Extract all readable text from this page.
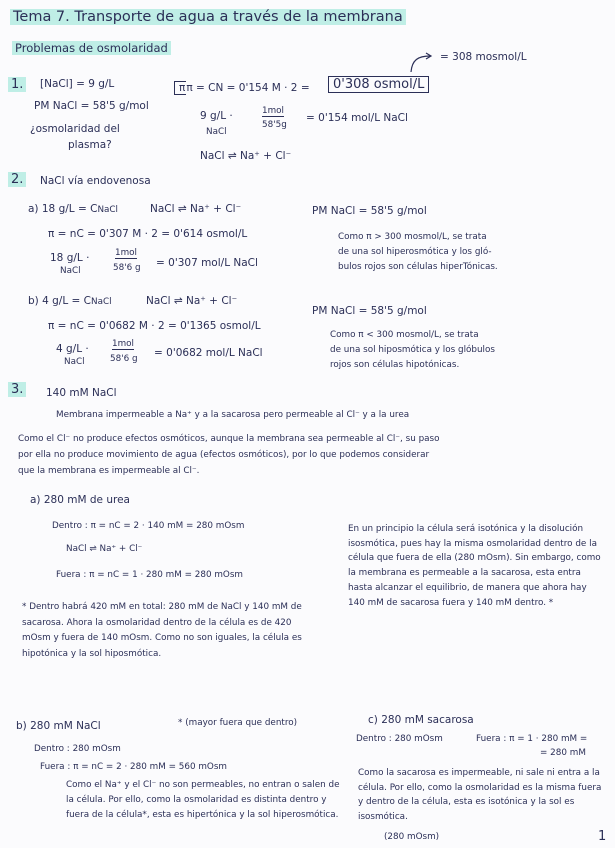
Tema 7. Transporte de agua a través de la membrana
Problemas de osmolaridad
= 308 mosmol/L
1. [NaCl] = 9 g/L
PM NaCl = 58'5 g/mol
¿osmolaridad del
plasma?
ππ = CN = 0'154 M · 2 =	0'308 osmol/L
9 g/L ·	1mol
58'5g
= 0'154 mol/L NaCl
NaCl
NaCl ⇌ Na⁺ + Cl⁻
2. NaCl vía endovenosa
a) 18 g/L = CNaCl	NaCl ⇌ Na⁺ + Cl⁻	PM NaCl = 58'5 g/mol
π = nC = 0'307 M · 2 = 0'614 osmol/L
18 g/L ·	1mol
58'6 g = 0'307 mol/L NaCl
NaCl
Como π > 300 mosmol/L, se trata
de una sol hiperosmótica y los gló-
bulos rojos son células hiperTónicas.
b) 4 g/L = CNaCl	NaCl ⇌ Na⁺ + Cl⁻
PM NaCl = 58'5 g/mol
π = nC = 0'0682 M · 2 = 0'1365 osmol/L
4 g/L ·	1mol
58'6 g = 0'0682 mol/L NaCl
NaCl
Como π < 300 mosmol/L, se trata
de una sol hiposmótica y los glóbulos
rojos son células hipotónicas.
3. 140 mM NaCl
Membrana impermeable a Na⁺ y a la sacarosa pero permeable al Cl⁻ y a la urea
Como el Cl⁻ no produce efectos osmóticos, aunque la membrana sea permeable al Cl⁻, su paso
por ella no produce movimiento de agua (efectos osmóticos), por lo que podemos considerar
que la membrana es impermeable al Cl⁻.
a) 280 mM de urea
Dentro : π = nC = 2 · 140 mM = 280 mOsm
NaCl ⇌ Na⁺ + Cl⁻
Fuera : π = nC = 1 · 280 mM = 280 mOsm
En un principio la célula será isotónica y la disolución isosmótica, pues hay la misma osmolaridad dentro de la célula que fuera de ella (280 mOsm). Sin embargo, como la membrana es permeable a la sacarosa, esta entra hasta alcanzar el equilibrio, de manera que ahora hay 140 mM de sacarosa fuera y 140 mM dentro. *
* Dentro habrá 420 mM en total: 280 mM de NaCl y 140 mM de sacarosa. Ahora la osmolaridad dentro de la célula es de 420 mOsm y fuera de 140 mOsm. Como no son iguales, la célula es hipotónica y la sol hiposmótica.
b) 280 mM NaCl	* (mayor fuera que dentro)
Dentro : 280 mOsm
Fuera : π = nC = 2 · 280 mM = 560 mOsm
Como el Na⁺ y el Cl⁻ no son permeables, no entran o salen de la célula. Por ello, como la osmolaridad es distinta dentro y fuera de la célula*, esta es hipertónica y la sol hiperosmótica.
c) 280 mM sacarosa
Dentro : 280 mOsm	Fuera : π = 1 · 280 mM =
= 280 mM
Como la sacarosa es impermeable, ni sale ni entra a la célula. Por ello, como la osmolaridad es la misma fuera y dentro de la célula, esta es isotónica y la sol es isosmótica.
(280 mOsm)	1
